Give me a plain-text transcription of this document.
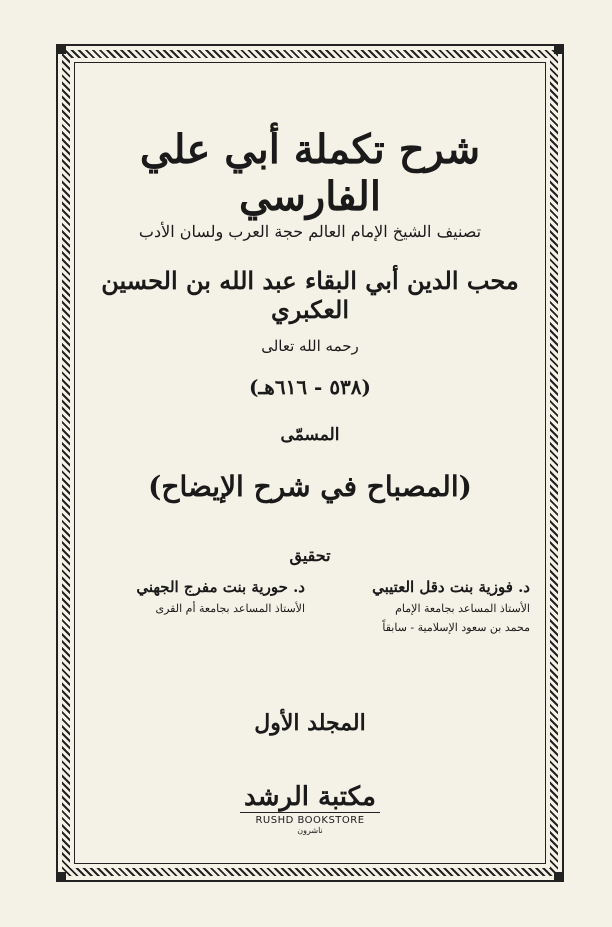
شرح تكملة أبي علي الفارسي
تصنيف الشيخ الإمام العالم حجة العرب ولسان الأدب
محب الدين أبي البقاء عبد الله بن الحسين العكبري
رحمه الله تعالى
(٥٣٨ - ٦١٦هـ)
المسمّى
(المصباح في شرح الإيضاح)
تحقيق
د. فوزية بنت دقل العتيبي
الأستاذ المساعد بجامعة الإمام
محمد بن سعود الإسلامية - سابقاً
د. حورية بنت مفرج الجهني
الأستاذ المساعد بجامعة أم القرى
المجلد الأول
مكتبة الرشد
RUSHD BOOKSTORE
ناشرون
